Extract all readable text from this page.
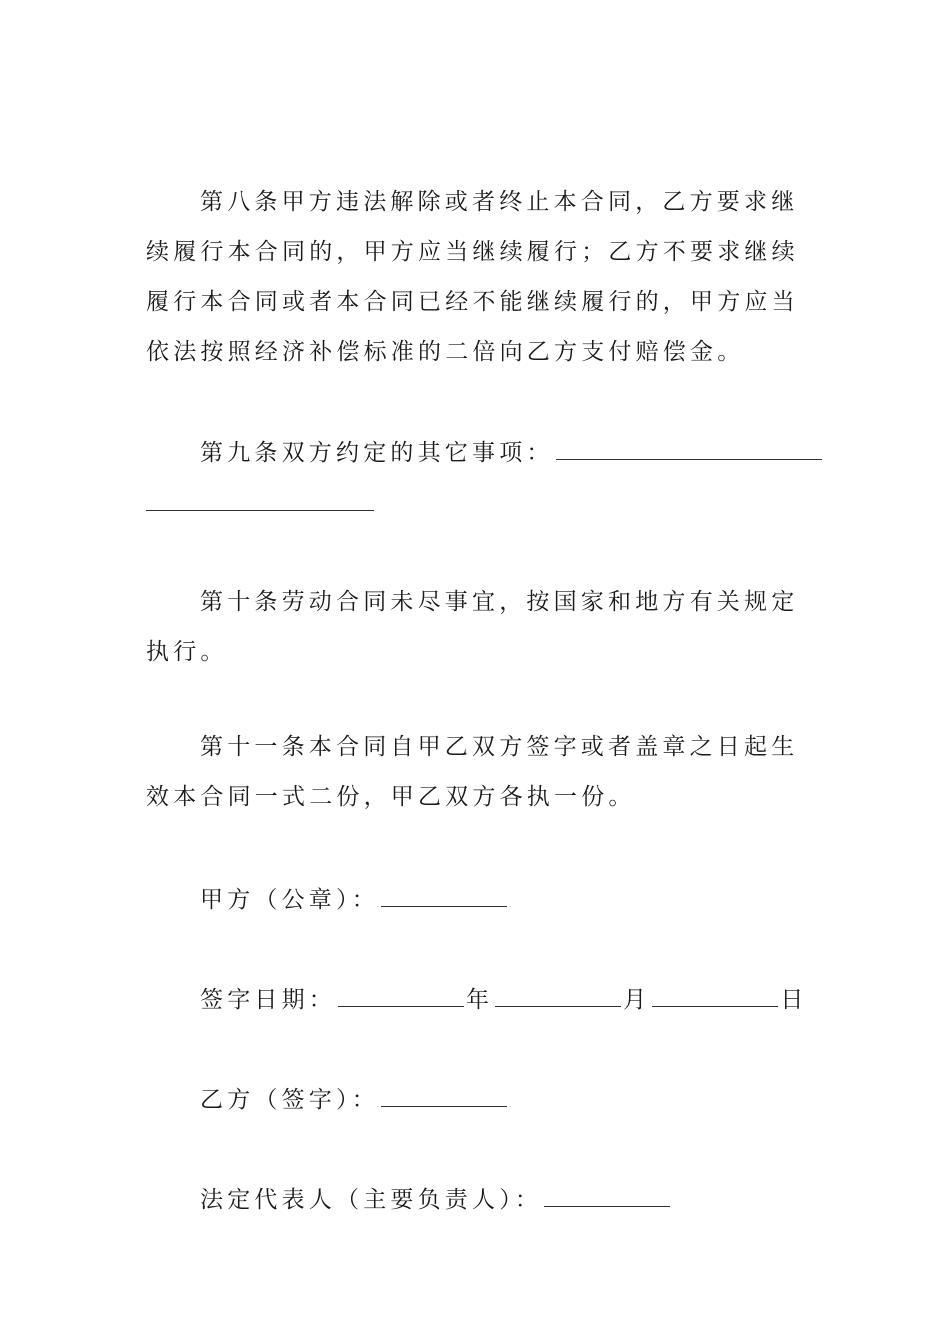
第八条甲方违法解除或者终止本合同，乙方要求继续履行本合同的，甲方应当继续履行；乙方不要求继续履行本合同或者本合同已经不能继续履行的，甲方应当依法按照经济补偿标准的二倍向乙方支付赔偿金。

第九条双方约定的其它事项：

第十条劳动合同未尽事宜，按国家和地方有关规定执行。

第十一条本合同自甲乙双方签字或者盖章之日起生效本合同一式二份，甲乙双方各执一份。

甲方（公章）：

签字日期：	年	月	日

乙方（签字）：

法定代表人（主要负责人）：
